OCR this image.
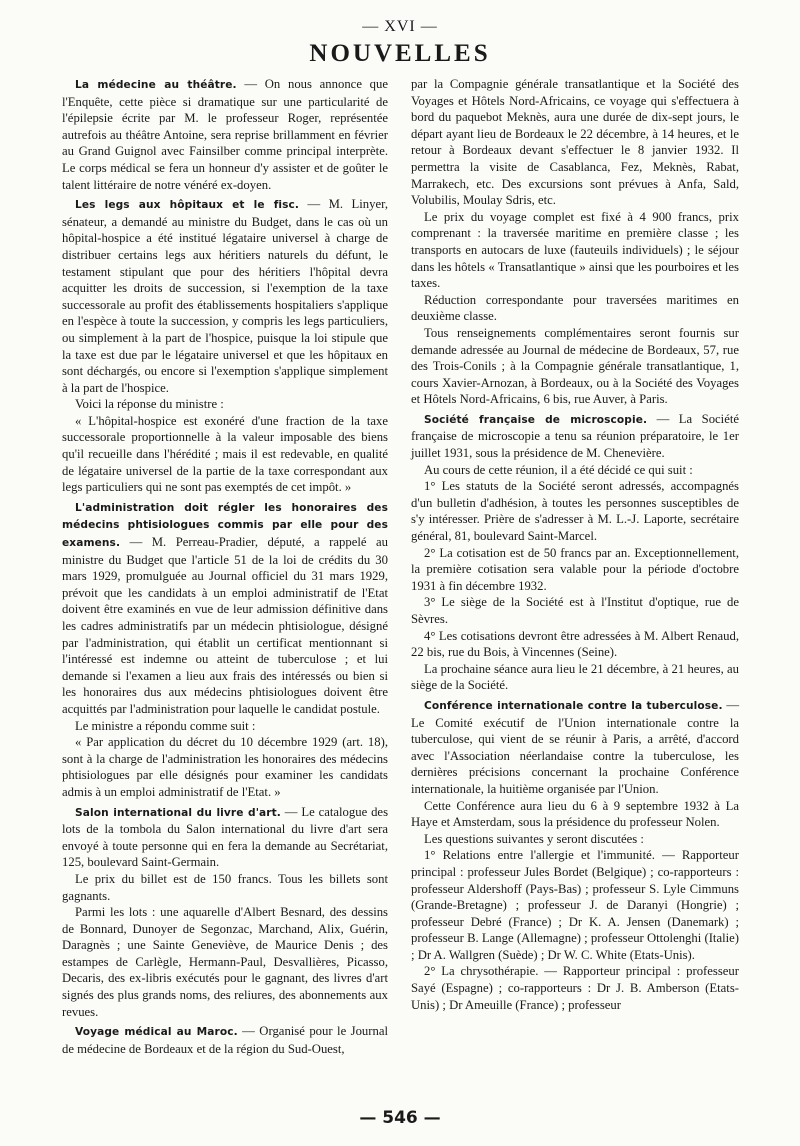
— XVI —
NOUVELLES

La médecine au théâtre. — On nous annonce que l'Enquête, cette pièce si dramatique sur une particularité de l'épilepsie écrite par M. le professeur Roger, représentée autrefois au théâtre Antoine, sera reprise brillamment en février au Grand Guignol avec Fainsilber comme principal interprète. Le corps médical se fera un honneur d'y assister et de goûter le talent littéraire de notre vénéré ex-doyen.

Les legs aux hôpitaux et le fisc. — M. Linyer, sénateur, a demandé au ministre du Budget, dans le cas où un hôpital-hospice a été institué légataire universel à charge de distribuer certains legs aux héritiers naturels du défunt, le testament stipulant que pour des héritiers l'hôpital devra acquitter les droits de succession, si l'exemption de la taxe successorale au profit des établissements hospitaliers s'applique en l'espèce à toute la succession, y compris les legs particuliers, ou simplement à la part de l'hospice, puisque la loi stipule que la taxe est due par le légataire universel et que les hôpitaux en sont déchargés, ou encore si l'exemption s'applique simplement à la part de l'hospice.

Voici la réponse du ministre :

« L'hôpital-hospice est exonéré d'une fraction de la taxe successorale proportionnelle à la valeur imposable des biens qu'il recueille dans l'hérédité ; mais il est redevable, en qualité de légataire universel de la partie de la taxe correspondant aux legs particuliers qui ne sont pas exemptés de cet impôt. »

L'administration doit régler les honoraires des médecins phtisiologues commis par elle pour des examens. — M. Perreau-Pradier, député, a rappelé au ministre du Budget que l'article 51 de la loi de crédits du 30 mars 1929, promulguée au Journal officiel du 31 mars 1929, prévoit que les candidats à un emploi administratif de l'Etat doivent être examinés en vue de leur admission définitive dans les cadres administratifs par un médecin phtisiologue, désigné par l'administration, qui établit un certificat mentionnant si l'intéressé est indemne ou atteint de tuberculose ; et lui demande si l'examen a lieu aux frais des intéressés ou bien si les honoraires dus aux médecins phtisiologues doivent être acquittés par l'administration pour laquelle le candidat postule.

Le ministre a répondu comme suit :

« Par application du décret du 10 décembre 1929 (art. 18), sont à la charge de l'administration les honoraires des médecins phtisiologues par elle désignés pour examiner les candidats admis à un emploi administratif de l'Etat. »

Salon international du livre d'art. — Le catalogue des lots de la tombola du Salon international du livre d'art sera envoyé à toute personne qui en fera la demande au Secrétariat, 125, boulevard Saint-Germain.

Le prix du billet est de 150 francs. Tous les billets sont gagnants.

Parmi les lots : une aquarelle d'Albert Besnard, des dessins de Bonnard, Dunoyer de Segonzac, Marchand, Alix, Guérin, Daragnès ; une Sainte Geneviève, de Maurice Denis ; des estampes de Carlègle, Hermann-Paul, Desvallières, Picasso, Decaris, des ex-libris exécutés pour le gagnant, des livres d'art signés des plus grands noms, des reliures, des abonnements aux revues.

Voyage médical au Maroc. — Organisé pour le Journal de médecine de Bordeaux et de la région du Sud-Ouest,

par la Compagnie générale transatlantique et la Société des Voyages et Hôtels Nord-Africains, ce voyage qui s'effectuera à bord du paquebot Meknès, aura une durée de dix-sept jours, le départ ayant lieu de Bordeaux le 22 décembre, à 14 heures, et le retour à Bordeaux devant s'effectuer le 8 janvier 1932. Il permettra la visite de Casablanca, Fez, Meknès, Rabat, Marrakech, etc. Des excursions sont prévues à Anfa, Sald, Volubilis, Moulay Sdris, etc.

Le prix du voyage complet est fixé à 4 900 francs, prix comprenant : la traversée maritime en première classe ; les transports en autocars de luxe (fauteuils individuels) ; le séjour dans les hôtels « Transatlantique » ainsi que les pourboires et les taxes.

Réduction correspondante pour traversées maritimes en deuxième classe.

Tous renseignements complémentaires seront fournis sur demande adressée au Journal de médecine de Bordeaux, 57, rue des Trois-Conils ; à la Compagnie générale transatlantique, 1, cours Xavier-Arnozan, à Bordeaux, ou à la Société des Voyages et Hôtels Nord-Africains, 6 bis, rue Auver, à Paris.

Société française de microscopie. — La Société française de microscopie a tenu sa réunion préparatoire, le 1er juillet 1931, sous la présidence de M. Chenevière.

Au cours de cette réunion, il a été décidé ce qui suit :

1° Les statuts de la Société seront adressés, accompagnés d'un bulletin d'adhésion, à toutes les personnes susceptibles de s'y intéresser. Prière de s'adresser à M. L.-J. Laporte, secrétaire général, 81, boulevard Saint-Marcel.

2° La cotisation est de 50 francs par an. Exceptionnellement, la première cotisation sera valable pour la période d'octobre 1931 à fin décembre 1932.

3° Le siège de la Société est à l'Institut d'optique, rue de Sèvres.

4° Les cotisations devront être adressées à M. Albert Renaud, 22 bis, rue du Bois, à Vincennes (Seine).

La prochaine séance aura lieu le 21 décembre, à 21 heures, au siège de la Société.

Conférence internationale contre la tuberculose. — Le Comité exécutif de l'Union internationale contre la tuberculose, qui vient de se réunir à Paris, a arrêté, d'accord avec l'Association néerlandaise contre la tuberculose, les dernières précisions concernant la prochaine Conférence internationale, la huitième organisée par l'Union.

Cette Conférence aura lieu du 6 à 9 septembre 1932 à La Haye et Amsterdam, sous la présidence du professeur Nolen.

Les questions suivantes y seront discutées :

1° Relations entre l'allergie et l'immunité. — Rapporteur principal : professeur Jules Bordet (Belgique) ; co-rapporteurs : professeur Aldershoff (Pays-Bas) ; professeur S. Lyle Cimmuns (Grande-Bretagne) ; professeur J. de Daranyi (Hongrie) ; professeur Debré (France) ; Dr K. A. Jensen (Danemark) ; professeur B. Lange (Allemagne) ; professeur Ottolenghi (Italie) ; Dr A. Wallgren (Suède) ; Dr W. C. White (Etats-Unis).

2° La chrysothérapie. — Rapporteur principal : professeur Sayé (Espagne) ; co-rapporteurs : Dr J. B. Amberson (Etats-Unis) ; Dr Ameuille (France) ; professeur

— 546 —
